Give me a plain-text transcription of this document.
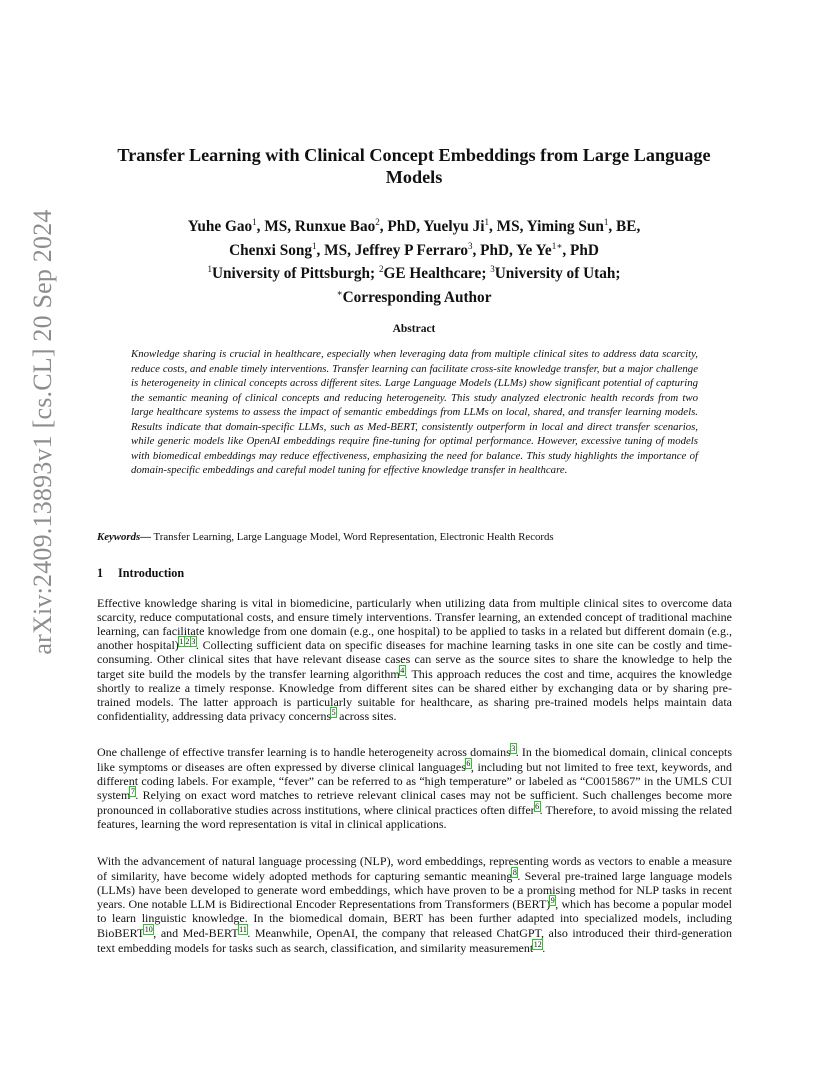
arXiv:2409.13893v1 [cs.CL] 20 Sep 2024
Transfer Learning with Clinical Concept Embeddings from Large Language Models
Yuhe Gao$^1$, MS, Runxue Bao$^2$, PhD, Yuelyu Ji$^1$, MS, Yiming Sun$^1$, BE,
Chenxi Song$^1$, MS, Jeffrey P Ferraro$^3$, PhD, Ye $Ye^{1∗}$, PhD
$^1$University of Pittsburgh; $^2$GE Healthcare; $^3$University of Utah;
∗Corresponding Author
Abstract
Knowledge sharing is crucial in healthcare, especially when leveraging data from multiple clinical sites to address data scarcity, reduce costs, and enable timely interventions. Transfer learning can facilitate cross-site knowledge transfer, but a major challenge is heterogeneity in clinical concepts across different sites. Large Language Models (LLMs) show significant potential of capturing the semantic meaning of clinical concepts and reducing heterogeneity. This study analyzed electronic health records from two large healthcare systems to assess the impact of semantic embeddings from LLMs on local, shared, and transfer learning models. Results indicate that domain-specific LLMs, such as Med-BERT, consistently outperform in local and direct transfer scenarios, while generic models like OpenAI embeddings require fine-tuning for optimal performance. However, excessive tuning of models with biomedical embeddings may reduce effectiveness, emphasizing the need for balance. This study highlights the importance of domain-specific embeddings and careful model tuning for effective knowledge transfer in healthcare.
Keywords— Transfer Learning, Large Language Model, Word Representation, Electronic Health Records
1 Introduction

Effective knowledge sharing is vital in biomedicine, particularly when utilizing data from multiple clinical sites to overcome data scarcity, reduce computational costs, and ensure timely interventions. Transfer learning, an extended concept of traditional machine learning, can facilitate knowledge from one domain (e.g., one hospital) to be applied to tasks in a related but different domain (e.g., another hospital)$^1$ $^2$ $^3$. Collecting sufficient data on specific diseases for machine learning tasks in one site can be costly and time-consuming. Other clinical sites that have relevant disease cases can serve as the source sites to share the knowledge to help the target site build the models by the transfer learning algorithm$^4$. This approach reduces the cost and time, acquires the knowledge shortly to realize a timely response. Knowledge from different sites can be shared either by exchanging data or by sharing pre-trained models. The latter approach is particularly suitable for healthcare, as sharing pre-trained models helps maintain data confidentiality, addressing data privacy concerns$^5$ across sites.

One challenge of effective transfer learning is to handle heterogeneity across domains$^3$. In the biomedical domain, clinical concepts like symptoms or diseases are often expressed by diverse clinical languages$^6$, including but not limited to free text, keywords, and different coding labels. For example, “fever” can be referred to as “high temperature” or labeled as “C0015867” in the UMLS CUI system$^7$. Relying on exact word matches to retrieve relevant clinical cases may not be sufficient. Such challenges become more pronounced in collaborative studies across institutions, where clinical practices often differ$^6$. Therefore, to avoid missing the related features, learning the word representation is vital in clinical applications.

With the advancement of natural language processing (NLP), word embeddings, representing words as vectors to enable a measure of similarity, have become widely adopted methods for capturing semantic meaning$^8$. Several pre-trained large language models (LLMs) have been developed to generate word embeddings, which have proven to be a promising method for NLP tasks in recent years. One notable LLM is Bidirectional Encoder Representations from Transformers (BERT)$^9$, which has become a popular model to learn linguistic knowledge. In the biomedical domain, BERT has been further adapted into specialized models, including BioBERT$^{10}$, and Med-BERT$^{11}$. Meanwhile, OpenAI, the company that released ChatGPT, also introduced their third-generation text embedding models for tasks such as search, classification, and similarity measurement$^{12}$.
